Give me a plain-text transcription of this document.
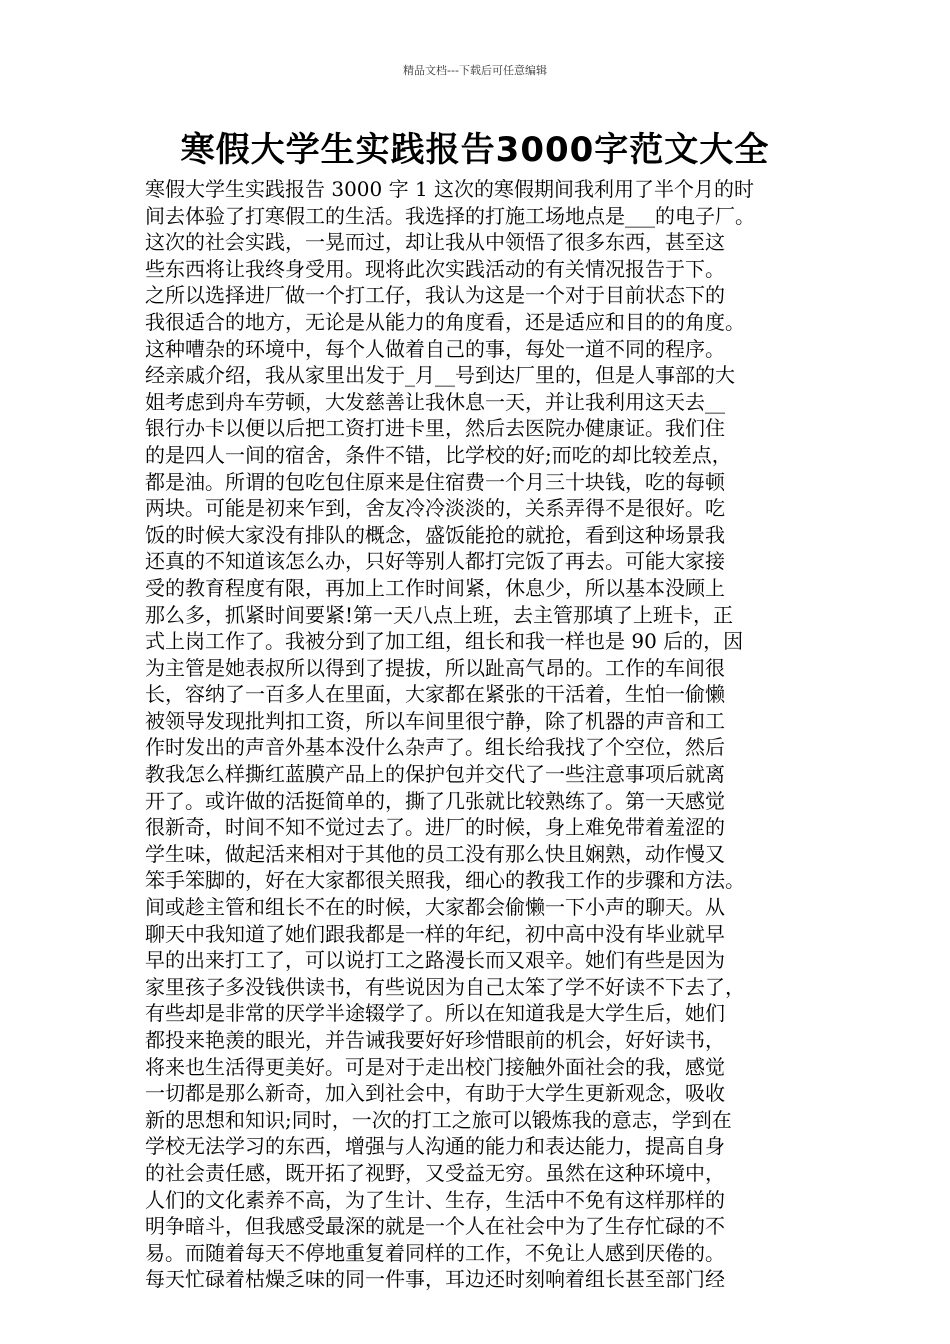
精品文档---下载后可任意编辑
寒假大学生实践报告3000字范文大全
寒假大学生实践报告 3000 字 1 这次的寒假期间我利用了半个月的时
间去体验了打寒假工的生活。我选择的打施工场地点是___的电子厂。
这次的社会实践，一晃而过，却让我从中领悟了很多东西，甚至这
些东西将让我终身受用。现将此次实践活动的有关情况报告于下。
之所以选择进厂做一个打工仔，我认为这是一个对于目前状态下的
我很适合的地方，无论是从能力的角度看，还是适应和目的的角度。
这种嘈杂的环境中，每个人做着自己的事，每处一道不同的程序。
经亲戚介绍，我从家里出发于_月__号到达厂里的，但是人事部的大
姐考虑到舟车劳顿，大发慈善让我休息一天，并让我利用这天去__
银行办卡以便以后把工资打进卡里，然后去医院办健康证。我们住
的是四人一间的宿舍，条件不错，比学校的好;而吃的却比较差点，
都是油。所谓的包吃包住原来是住宿费一个月三十块钱，吃的每顿
两块。可能是初来乍到，舍友冷冷淡淡的，关系弄得不是很好。吃
饭的时候大家没有排队的概念，盛饭能抢的就抢，看到这种场景我
还真的不知道该怎么办，只好等别人都打完饭了再去。可能大家接
受的教育程度有限，再加上工作时间紧，休息少，所以基本没顾上
那么多，抓紧时间要紧!第一天八点上班，去主管那填了上班卡，正
式上岗工作了。我被分到了加工组，组长和我一样也是 90 后的，因
为主管是她表叔所以得到了提拔，所以趾高气昂的。工作的车间很
长，容纳了一百多人在里面，大家都在紧张的干活着，生怕一偷懒
被领导发现批判扣工资，所以车间里很宁静，除了机器的声音和工
作时发出的声音外基本没什么杂声了。组长给我找了个空位，然后
教我怎么样撕红蓝膜产品上的保护包并交代了一些注意事项后就离
开了。或许做的活挺简单的，撕了几张就比较熟练了。第一天感觉
很新奇，时间不知不觉过去了。进厂的时候，身上难免带着羞涩的
学生味，做起活来相对于其他的员工没有那么快且娴熟，动作慢又
笨手笨脚的，好在大家都很关照我，细心的教我工作的步骤和方法。
间或趁主管和组长不在的时候，大家都会偷懒一下小声的聊天。从
聊天中我知道了她们跟我都是一样的年纪，初中高中没有毕业就早
早的出来打工了，可以说打工之路漫长而又艰辛。她们有些是因为
家里孩子多没钱供读书，有些说因为自己太笨了学不好读不下去了，
有些却是非常的厌学半途辍学了。所以在知道我是大学生后，她们
都投来艳羡的眼光，并告诫我要好好珍惜眼前的机会，好好读书，
将来也生活得更美好。可是对于走出校门接触外面社会的我，感觉
一切都是那么新奇，加入到社会中，有助于大学生更新观念，吸收
新的思想和知识;同时，一次的打工之旅可以锻炼我的意志，学到在
学校无法学习的东西，增强与人沟通的能力和表达能力，提高自身
的社会责任感，既开拓了视野，又受益无穷。虽然在这种环境中，
人们的文化素养不高，为了生计、生存，生活中不免有这样那样的
明争暗斗，但我感受最深的就是一个人在社会中为了生存忙碌的不
易。而随着每天不停地重复着同样的工作，不免让人感到厌倦的。
每天忙碌着枯燥乏味的同一件事，耳边还时刻响着组长甚至部门经
